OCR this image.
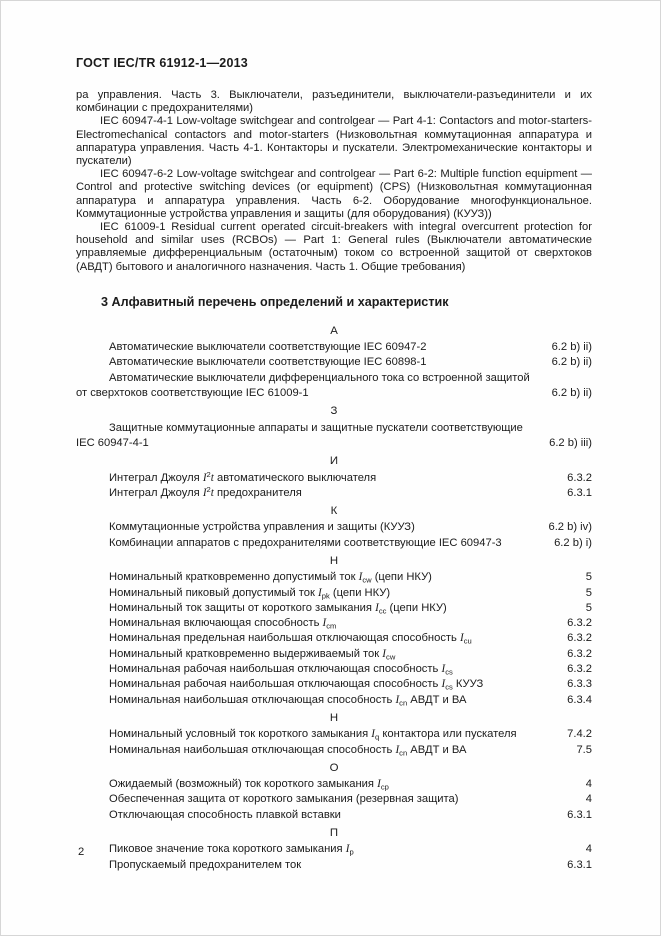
ГОСТ IEC/TR 61912-1—2013

ра управления. Часть 3. Выключатели, разъединители, выключатели-разъединители и их комбинации с предохранителями)

IEC 60947-4-1 Low-voltage switchgear and controlgear — Part 4-1: Contactors and motor-starters-Electromechanical contactors and motor-starters (Низковольтная коммутационная аппаратура и аппаратура управления. Часть 4-1. Контакторы и пускатели. Электромеханические контакторы и пускатели)

IEC 60947-6-2 Low-voltage switchgear and controlgear — Part 6-2: Multiple function equipment — Control and protective switching devices (or equipment) (CPS) (Низковольтная коммутационная аппаратура и аппаратура управления. Часть 6-2. Оборудование многофункциональное. Коммутационные устройства управления и защиты (для оборудования) (КУУЗ))

IEC 61009-1 Residual current operated circuit-breakers with integral overcurrent protection for household and similar uses (RCBOs) — Part 1: General rules (Выключатели автоматические управляемые дифференциальным (остаточным) током со встроенной защитой от сверхтоков (АВДТ) бытового и аналогичного назначения. Часть 1. Общие требования)

3 Алфавитный перечень определений и характеристик
А
Автоматические выключатели соответствующие IEC 60947-2	6.2 b) ii)
Автоматические выключатели соответствующие IEC 60898-1	6.2 b) ii)
Автоматические выключатели дифференциального тока со встроенной защитой от сверхтоков соответствующие IEC 61009-1	6.2 b) ii)
З
Защитные коммутационные аппараты и защитные пускатели соответствующие IEC 60947-4-1	6.2 b) iii)
И
Интеграл Джоуля $I^2t$ автоматического выключателя	6.3.2
Интеграл Джоуля $I^2t$ предохранителя	6.3.1
К
Коммутационные устройства управления и защиты (КУУЗ)	6.2 b) iv)
Комбинации аппаратов с предохранителями соответствующие IEC 60947-3	6.2 b) i)
Н
Номинальный кратковременно допустимый ток $I_{cw}$ (цепи НКУ)	5
Номинальный пиковый допустимый ток $I_{pk}$ (цепи НКУ)	5
Номинальный ток защиты от короткого замыкания $I_{cc}$ (цепи НКУ)	5
Номинальная включающая способность $I_{cm}$	6.3.2
Номинальная предельная наибольшая отключающая способность $I_{cu}$	6.3.2
Номинальный кратковременно выдерживаемый ток $I_{cw}$	6.3.2
Номинальная рабочая наибольшая отключающая способность $I_{cs}$	6.3.2
Номинальная рабочая наибольшая отключающая способность $I_{cs}$ КУУЗ	6.3.3
Номинальная наибольшая отключающая способность $I_{cn}$ АВДТ и ВА	6.3.4
Н
Номинальный условный ток короткого замыкания $I_q$ контактора или пускателя	7.4.2
Номинальная наибольшая отключающая способность $I_{cn}$ АВДТ и ВА	7.5
О
Ожидаемый (возможный) ток короткого замыкания $I_{cp}$	4
Обеспеченная защита от короткого замыкания (резервная защита)	4
Отключающая способность плавкой вставки	6.3.1
П
Пиковое значение тока короткого замыкания $I_p$	4
Пропускаемый предохранителем ток	6.3.1
2
